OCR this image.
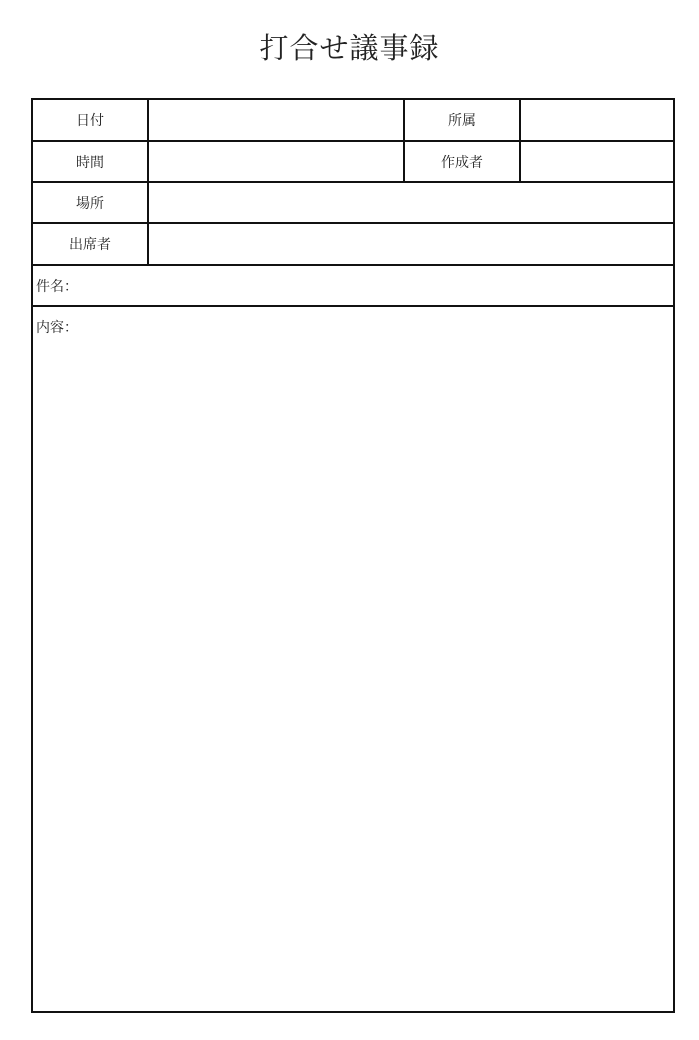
打合せ議事録
日付	所属
時間	作成者
場所
出席者
件名：
内容：
